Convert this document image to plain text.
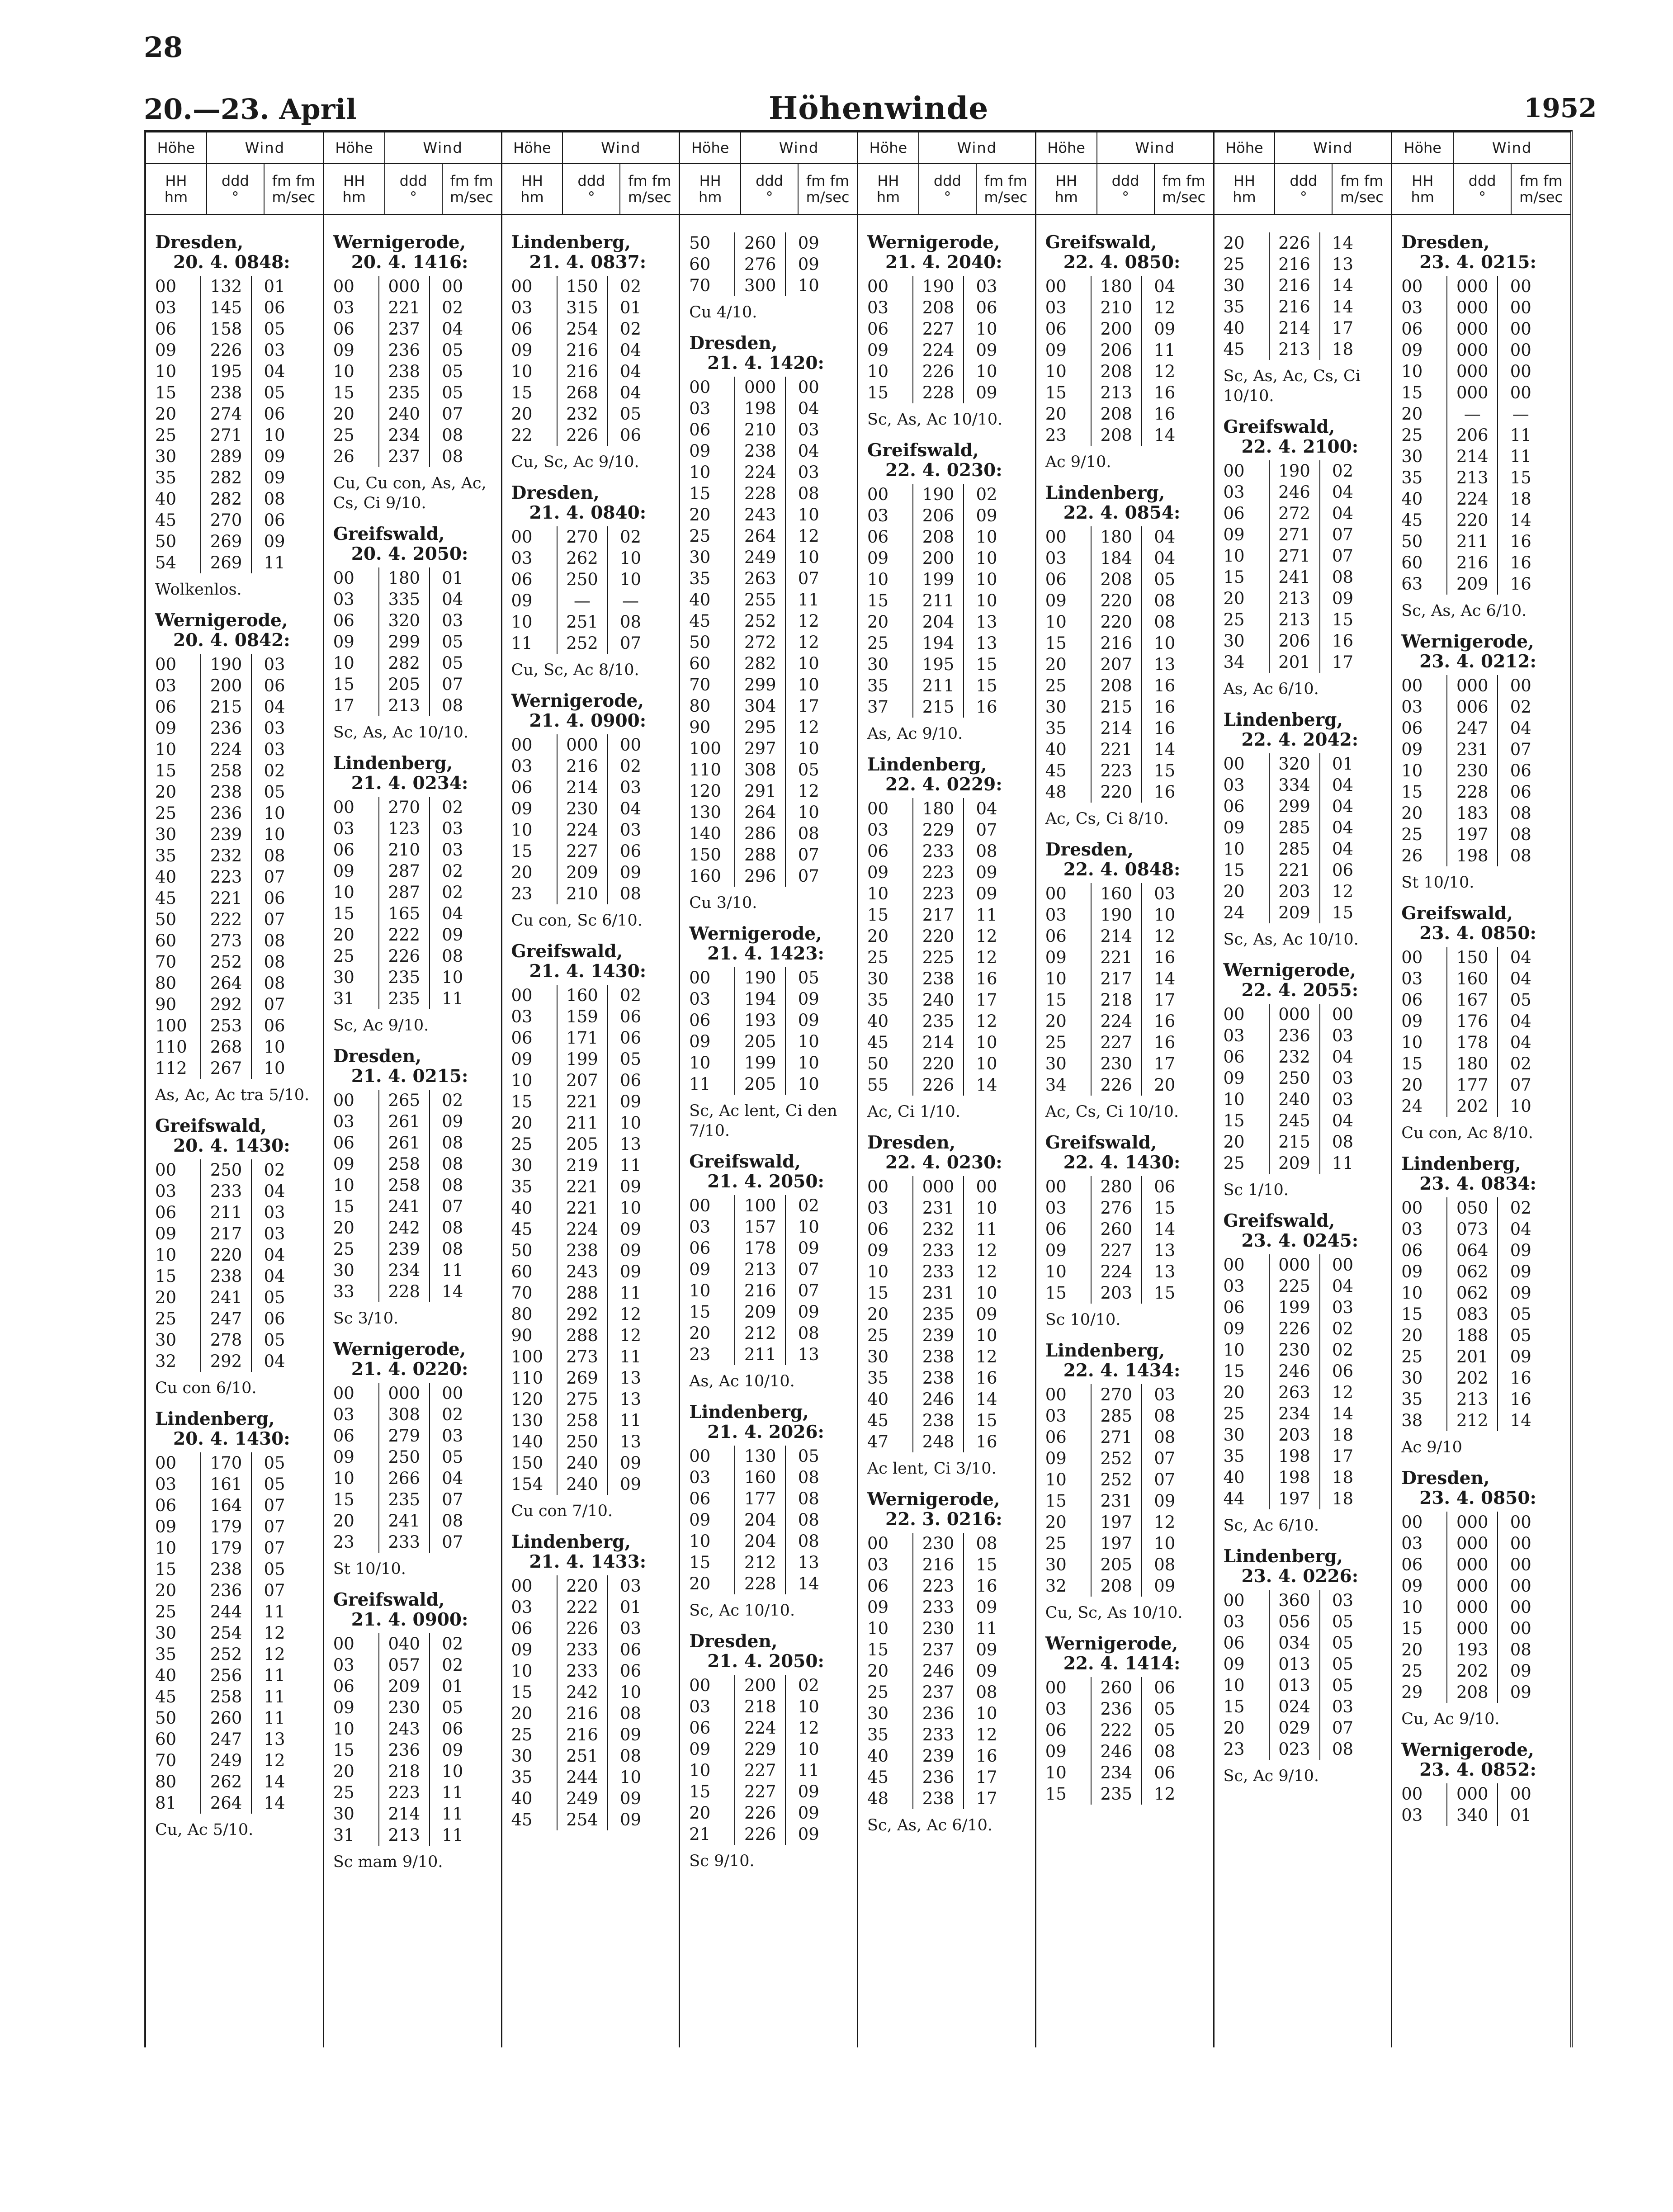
28
20.—23. April	Höhenwinde	1952
Höhe	Wind
HH
hm
ddd
°
fm fm
m/sec
Dresden,
20. 4. 0848:
00	132	01
03	145	06
06	158	05
09	226	03
10	195	04
15	238	05
20	274	06
25	271	10
30	289	09
35	282	09
40	282	08
45	270	06
50	269	09
54	269	11
Wolkenlos.
Wernigerode,
20. 4. 0842:
00	190	03
03	200	06
06	215	04
09	236	03
10	224	03
15	258	02
20	238	05
25	236	10
30	239	10
35	232	08
40	223	07
45	221	06
50	222	07
60	273	08
70	252	08
80	264	08
90	292	07
100	253	06
110	268	10
112	267	10
As, Ac, Ac tra 5/10.
Greifswald,
20. 4. 1430:
00	250	02
03	233	04
06	211	03
09	217	03
10	220	04
15	238	04
20	241	05
25	247	06
30	278	05
32	292	04
Cu con 6/10.
Lindenberg,
20. 4. 1430:
00	170	05
03	161	05
06	164	07
09	179	07
10	179	07
15	238	05
20	236	07
25	244	11
30	254	12
35	252	12
40	256	11
45	258	11
50	260	11
60	247	13
70	249	12
80	262	14
81	264	14
Cu, Ac 5/10.
Höhe	Wind
HH
hm
ddd
°
fm fm
m/sec
Wernigerode,
20. 4. 1416:
00	000	00
03	221	02
06	237	04
09	236	05
10	238	05
15	235	05
20	240	07
25	234	08
26	237	08
Cu, Cu con, As, Ac, Cs, Ci 9/10.
Greifswald,
20. 4. 2050:
00	180	01
03	335	04
06	320	03
09	299	05
10	282	05
15	205	07
17	213	08
Sc, As, Ac 10/10.
Lindenberg,
21. 4. 0234:
00	270	02
03	123	03
06	210	03
09	287	02
10	287	02
15	165	04
20	222	09
25	226	08
30	235	10
31	235	11
Sc, Ac 9/10.
Dresden,
21. 4. 0215:
00	265	02
03	261	09
06	261	08
09	258	08
10	258	08
15	241	07
20	242	08
25	239	08
30	234	11
33	228	14
Sc 3/10.
Wernigerode,
21. 4. 0220:
00	000	00
03	308	02
06	279	03
09	250	05
10	266	04
15	235	07
20	241	08
23	233	07
St 10/10.
Greifswald,
21. 4. 0900:
00	040	02
03	057	02
06	209	01
09	230	05
10	243	06
15	236	09
20	218	10
25	223	11
30	214	11
31	213	11
Sc mam 9/10.
Höhe	Wind
HH
hm
ddd
°
fm fm
m/sec
Lindenberg,
21. 4. 0837:
00	150	02
03	315	01
06	254	02
09	216	04
10	216	04
15	268	04
20	232	05
22	226	06
Cu, Sc, Ac 9/10.
Dresden,
21. 4. 0840:
00	270	02
03	262	10
06	250	10
09	—	—
10	251	08
11	252	07
Cu, Sc, Ac 8/10.
Wernigerode,
21. 4. 0900:
00	000	00
03	216	02
06	214	03
09	230	04
10	224	03
15	227	06
20	209	09
23	210	08
Cu con, Sc 6/10.
Greifswald,
21. 4. 1430:
00	160	02
03	159	06
06	171	06
09	199	05
10	207	06
15	221	09
20	211	10
25	205	13
30	219	11
35	221	09
40	221	10
45	224	09
50	238	09
60	243	09
70	288	11
80	292	12
90	288	12
100	273	11
110	269	13
120	275	13
130	258	11
140	250	13
150	240	09
154	240	09
Cu con 7/10.
Lindenberg,
21. 4. 1433:
00	220	03
03	222	01
06	226	03
09	233	06
10	233	06
15	242	10
20	216	08
25	216	09
30	251	08
35	244	10
40	249	09
45	254	09
Höhe	Wind
HH
hm
ddd
°
fm fm
m/sec
50	260	09
60	276	09
70	300	10
Cu 4/10.
Dresden,
21. 4. 1420:
00	000	00
03	198	04
06	210	03
09	238	04
10	224	03
15	228	08
20	243	10
25	264	12
30	249	10
35	263	07
40	255	11
45	252	12
50	272	12
60	282	10
70	299	10
80	304	17
90	295	12
100	297	10
110	308	05
120	291	12
130	264	10
140	286	08
150	288	07
160	296	07
Cu 3/10.
Wernigerode,
21. 4. 1423:
00	190	05
03	194	09
06	193	09
09	205	10
10	199	10
11	205	10
Sc, Ac lent, Ci den 7/10.
Greifswald,
21. 4. 2050:
00	100	02
03	157	10
06	178	09
09	213	07
10	216	07
15	209	09
20	212	08
23	211	13
As, Ac 10/10.
Lindenberg,
21. 4. 2026:
00	130	05
03	160	08
06	177	08
09	204	08
10	204	08
15	212	13
20	228	14
Sc, Ac 10/10.
Dresden,
21. 4. 2050:
00	200	02
03	218	10
06	224	12
09	229	10
10	227	11
15	227	09
20	226	09
21	226	09
Sc 9/10.
Höhe	Wind
HH
hm
ddd
°
fm fm
m/sec
Wernigerode,
21. 4. 2040:
00	190	03
03	208	06
06	227	10
09	224	09
10	226	10
15	228	09
Sc, As, Ac 10/10.
Greifswald,
22. 4. 0230:
00	190	02
03	206	09
06	208	10
09	200	10
10	199	10
15	211	10
20	204	13
25	194	13
30	195	15
35	211	15
37	215	16
As, Ac 9/10.
Lindenberg,
22. 4. 0229:
00	180	04
03	229	07
06	233	08
09	223	09
10	223	09
15	217	11
20	220	12
25	225	12
30	238	16
35	240	17
40	235	12
45	214	10
50	220	10
55	226	14
Ac, Ci 1/10.
Dresden,
22. 4. 0230:
00	000	00
03	231	10
06	232	11
09	233	12
10	233	12
15	231	10
20	235	09
25	239	10
30	238	12
35	238	16
40	246	14
45	238	15
47	248	16
Ac lent, Ci 3/10.
Wernigerode,
22. 3. 0216:
00	230	08
03	216	15
06	223	16
09	233	09
10	230	11
15	237	09
20	246	09
25	237	08
30	236	10
35	233	12
40	239	16
45	236	17
48	238	17
Sc, As, Ac 6/10.
Höhe	Wind
HH
hm
ddd
°
fm fm
m/sec
Greifswald,
22. 4. 0850:
00	180	04
03	210	12
06	200	09
09	206	11
10	208	12
15	213	16
20	208	16
23	208	14
Ac 9/10.
Lindenberg,
22. 4. 0854:
00	180	04
03	184	04
06	208	05
09	220	08
10	220	08
15	216	10
20	207	13
25	208	16
30	215	16
35	214	16
40	221	14
45	223	15
48	220	16
Ac, Cs, Ci 8/10.
Dresden,
22. 4. 0848:
00	160	03
03	190	10
06	214	12
09	221	16
10	217	14
15	218	17
20	224	16
25	227	16
30	230	17
34	226	20
Ac, Cs, Ci 10/10.
Greifswald,
22. 4. 1430:
00	280	06
03	276	15
06	260	14
09	227	13
10	224	13
15	203	15
Sc 10/10.
Lindenberg,
22. 4. 1434:
00	270	03
03	285	08
06	271	08
09	252	07
10	252	07
15	231	09
20	197	12
25	197	10
30	205	08
32	208	09
Cu, Sc, As 10/10.
Wernigerode,
22. 4. 1414:
00	260	06
03	236	05
06	222	05
09	246	08
10	234	06
15	235	12
Höhe	Wind
HH
hm
ddd
°
fm fm
m/sec
20	226	14
25	216	13
30	216	14
35	216	14
40	214	17
45	213	18
Sc, As, Ac, Cs, Ci 10/10.
Greifswald,
22. 4. 2100:
00	190	02
03	246	04
06	272	04
09	271	07
10	271	07
15	241	08
20	213	09
25	213	15
30	206	16
34	201	17
As, Ac 6/10.
Lindenberg,
22. 4. 2042:
00	320	01
03	334	04
06	299	04
09	285	04
10	285	04
15	221	06
20	203	12
24	209	15
Sc, As, Ac 10/10.
Wernigerode,
22. 4. 2055:
00	000	00
03	236	03
06	232	04
09	250	03
10	240	03
15	245	04
20	215	08
25	209	11
Sc 1/10.
Greifswald,
23. 4. 0245:
00	000	00
03	225	04
06	199	03
09	226	02
10	230	02
15	246	06
20	263	12
25	234	14
30	203	18
35	198	17
40	198	18
44	197	18
Sc, Ac 6/10.
Lindenberg,
23. 4. 0226:
00	360	03
03	056	05
06	034	05
09	013	05
10	013	05
15	024	03
20	029	07
23	023	08
Sc, Ac 9/10.
Höhe	Wind
HH
hm
ddd
°
fm fm
m/sec
Dresden,
23. 4. 0215:
00	000	00
03	000	00
06	000	00
09	000	00
10	000	00
15	000	00
20	—	—
25	206	11
30	214	11
35	213	15
40	224	18
45	220	14
50	211	16
60	216	16
63	209	16
Sc, As, Ac 6/10.
Wernigerode,
23. 4. 0212:
00	000	00
03	006	02
06	247	04
09	231	07
10	230	06
15	228	06
20	183	08
25	197	08
26	198	08
St 10/10.
Greifswald,
23. 4. 0850:
00	150	04
03	160	04
06	167	05
09	176	04
10	178	04
15	180	02
20	177	07
24	202	10
Cu con, Ac 8/10.
Lindenberg,
23. 4. 0834:
00	050	02
03	073	04
06	064	09
09	062	09
10	062	09
15	083	05
20	188	05
25	201	09
30	202	16
35	213	16
38	212	14
Ac 9/10
Dresden,
23. 4. 0850:
00	000	00
03	000	00
06	000	00
09	000	00
10	000	00
15	000	00
20	193	08
25	202	09
29	208	09
Cu, Ac 9/10.
Wernigerode,
23. 4. 0852:
00	000	00
03	340	01
